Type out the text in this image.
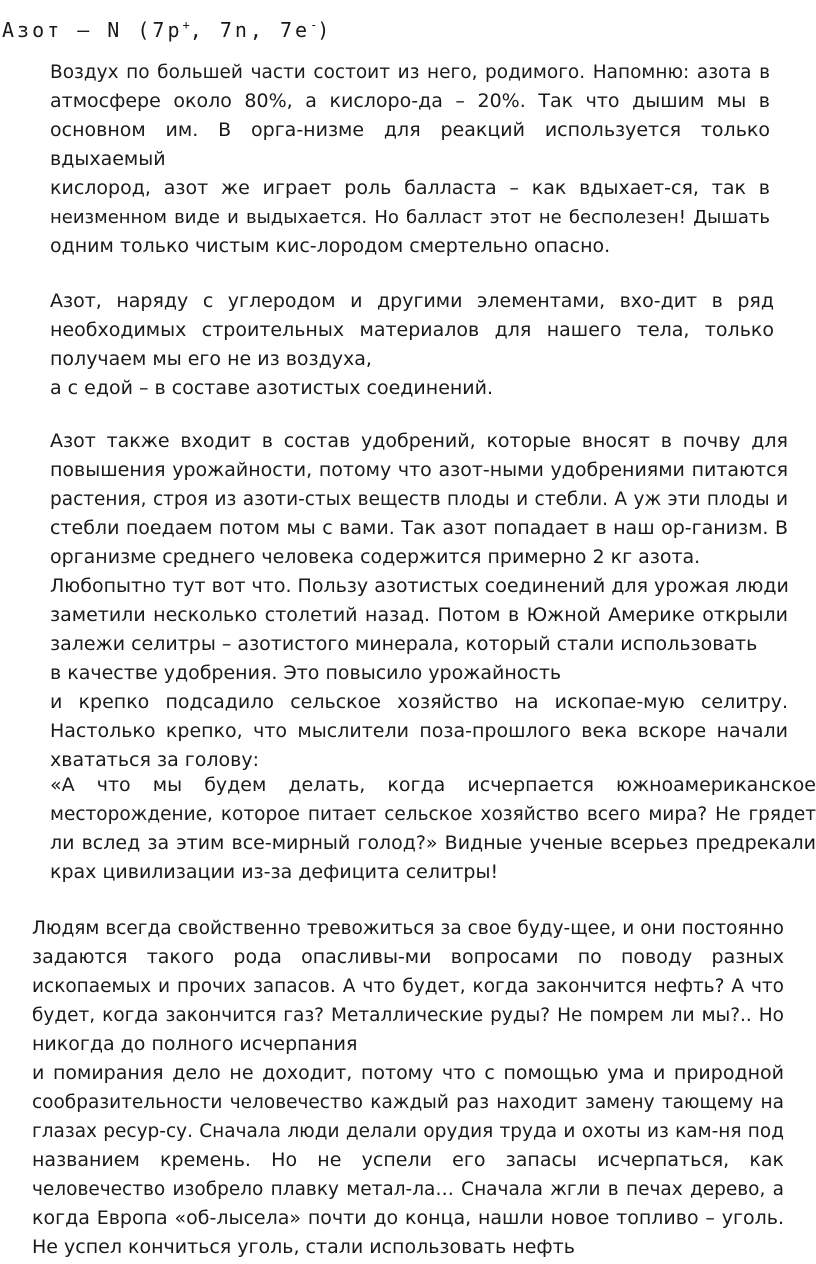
Азот – N (7p+, 7n, 7e-)
Воздух по большей части состоит из него, родимого. Напомню: азота в
атмосфере около 80%, а кислоро-да – 20%. Так что дышим мы в
основном им. В орга-низме для реакций используется только
вдыхаемый
кислород, азот же играет роль балласта – как вдыхает-ся, так в
неизменном виде и выдыхается. Но балласт этот не бесполезен! Дышать
одним только чистым кис-лородом смертельно опасно.
Азот, наряду с углеродом и другими элементами, вхо-дит в ряд
необходимых строительных материалов для нашего тела, только
получаем мы его не из воздуха,
а с едой – в составе азотистых соединений.
Азот также входит в состав удобрений, которые вносят в почву для
повышения урожайности, потому что азот-ными удобрениями питаются
растения, строя из азоти-стых веществ плоды и стебли. А уж эти плоды и
стебли поедаем потом мы с вами. Так азот попадает в наш ор-ганизм. В
организме среднего человека содержится примерно 2 кг азота.
Любопытно тут вот что. Пользу азотистых соединений для урожая люди
заметили несколько столетий назад. Потом в Южной Америке открыли
залежи селитры – азотистого минерала, который стали использовать
в качестве удобрения. Это повысило урожайность
и крепко подсадило сельское хозяйство на ископае-мую селитру.
Настолько крепко, что мыслители поза-прошлого века вскоре начали
хвататься за голову:
«А что мы будем делать, когда исчерпается южноамериканское
месторождение, которое питает сельское хозяйство всего мира? Не грядет
ли вслед за этим все-мирный голод?» Видные ученые всерьез предрекали
крах цивилизации из-за дефицита селитры!
Людям всегда свойственно тревожиться за свое буду-щее, и они постоянно
задаются такого рода опасливы-ми вопросами по поводу разных
ископаемых и прочих запасов. А что будет, когда закончится нефть? А что
будет, когда закончится газ? Металлические руды? Не помрем ли мы?.. Но
никогда до полного исчерпания
и помирания дело не доходит, потому что с помощью ума и природной
сообразительности человечество каждый раз находит замену тающему на
глазах ресур-су. Сначала люди делали орудия труда и охоты из кам-ня под
названием кремень. Но не успели его запасы исчерпаться, как
человечество изобрело плавку метал-ла… Сначала жгли в печах дерево, а
когда Европа «об-лысела» почти до конца, нашли новое топливо – уголь.
Не успел кончиться уголь, стали использовать нефть
